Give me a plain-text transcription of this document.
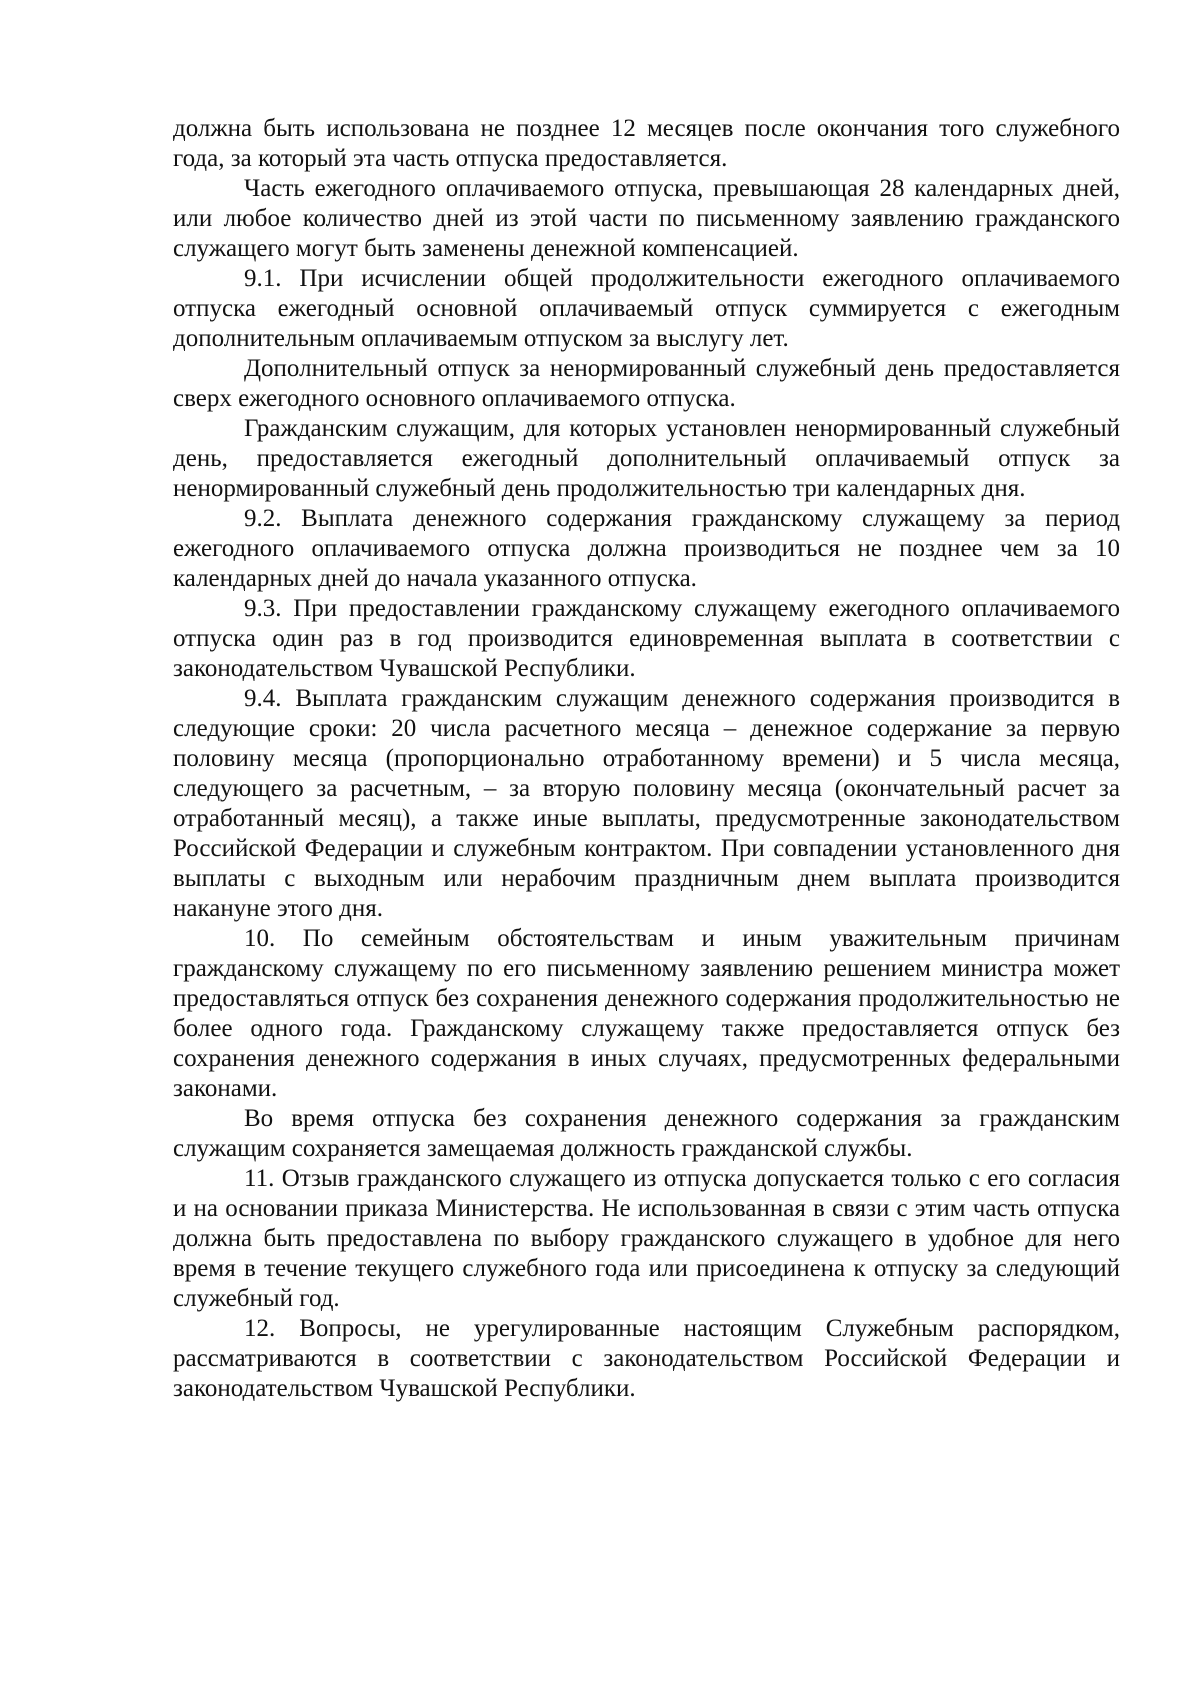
должна быть использована не позднее 12 месяцев после окончания того служебного года, за который эта часть отпуска предоставляется.

Часть ежегодного оплачиваемого отпуска, превышающая 28 календарных дней, или любое количество дней из этой части по письменному заявлению гражданского служащего могут быть заменены денежной компенсацией.

9.1. При исчислении общей продолжительности ежегодного оплачиваемого отпуска ежегодный основной оплачиваемый отпуск суммируется с ежегодным дополнительным оплачиваемым отпуском за выслугу лет.

Дополнительный отпуск за ненормированный служебный день предоставляется сверх ежегодного основного оплачиваемого отпуска.

Гражданским служащим, для которых установлен ненормированный служебный день, предоставляется ежегодный дополнительный оплачиваемый отпуск за ненормированный служебный день продолжительностью три календарных дня.

9.2. Выплата денежного содержания гражданскому служащему за период ежегодного оплачиваемого отпуска должна производиться не позднее чем за 10 календарных дней до начала указанного отпуска.

9.3. При предоставлении гражданскому служащему ежегодного оплачиваемого отпуска один раз в год производится единовременная выплата в соответствии с законодательством Чувашской Республики.

9.4. Выплата гражданским служащим денежного содержания производится в следующие сроки: 20 числа расчетного месяца – денежное содержание за первую половину месяца (пропорционально отработанному времени) и 5 числа месяца, следующего за расчетным, – за вторую половину месяца (окончательный расчет за отработанный месяц), а также иные выплаты, предусмотренные законодательством Российской Федерации и служебным контрактом. При совпадении установленного дня выплаты с выходным или нерабочим праздничным днем выплата производится накануне этого дня.

10. По семейным обстоятельствам и иным уважительным причинам гражданскому служащему по его письменному заявлению решением министра может предоставляться отпуск без сохранения денежного содержания продолжительностью не более одного года. Гражданскому служащему также предоставляется отпуск без сохранения денежного содержания в иных случаях, предусмотренных федеральными законами.

Во время отпуска без сохранения денежного содержания за гражданским служащим сохраняется замещаемая должность гражданской службы.

11. Отзыв гражданского служащего из отпуска допускается только с его согласия и на основании приказа Министерства. Не использованная в связи с этим часть отпуска должна быть предоставлена по выбору гражданского служащего в удобное для него время в течение текущего служебного года или присоединена к отпуску за следующий служебный год.

12. Вопросы, не урегулированные настоящим Служебным распорядком, рассматриваются в соответствии с законодательством Российской Федерации и законодательством Чувашской Республики.
